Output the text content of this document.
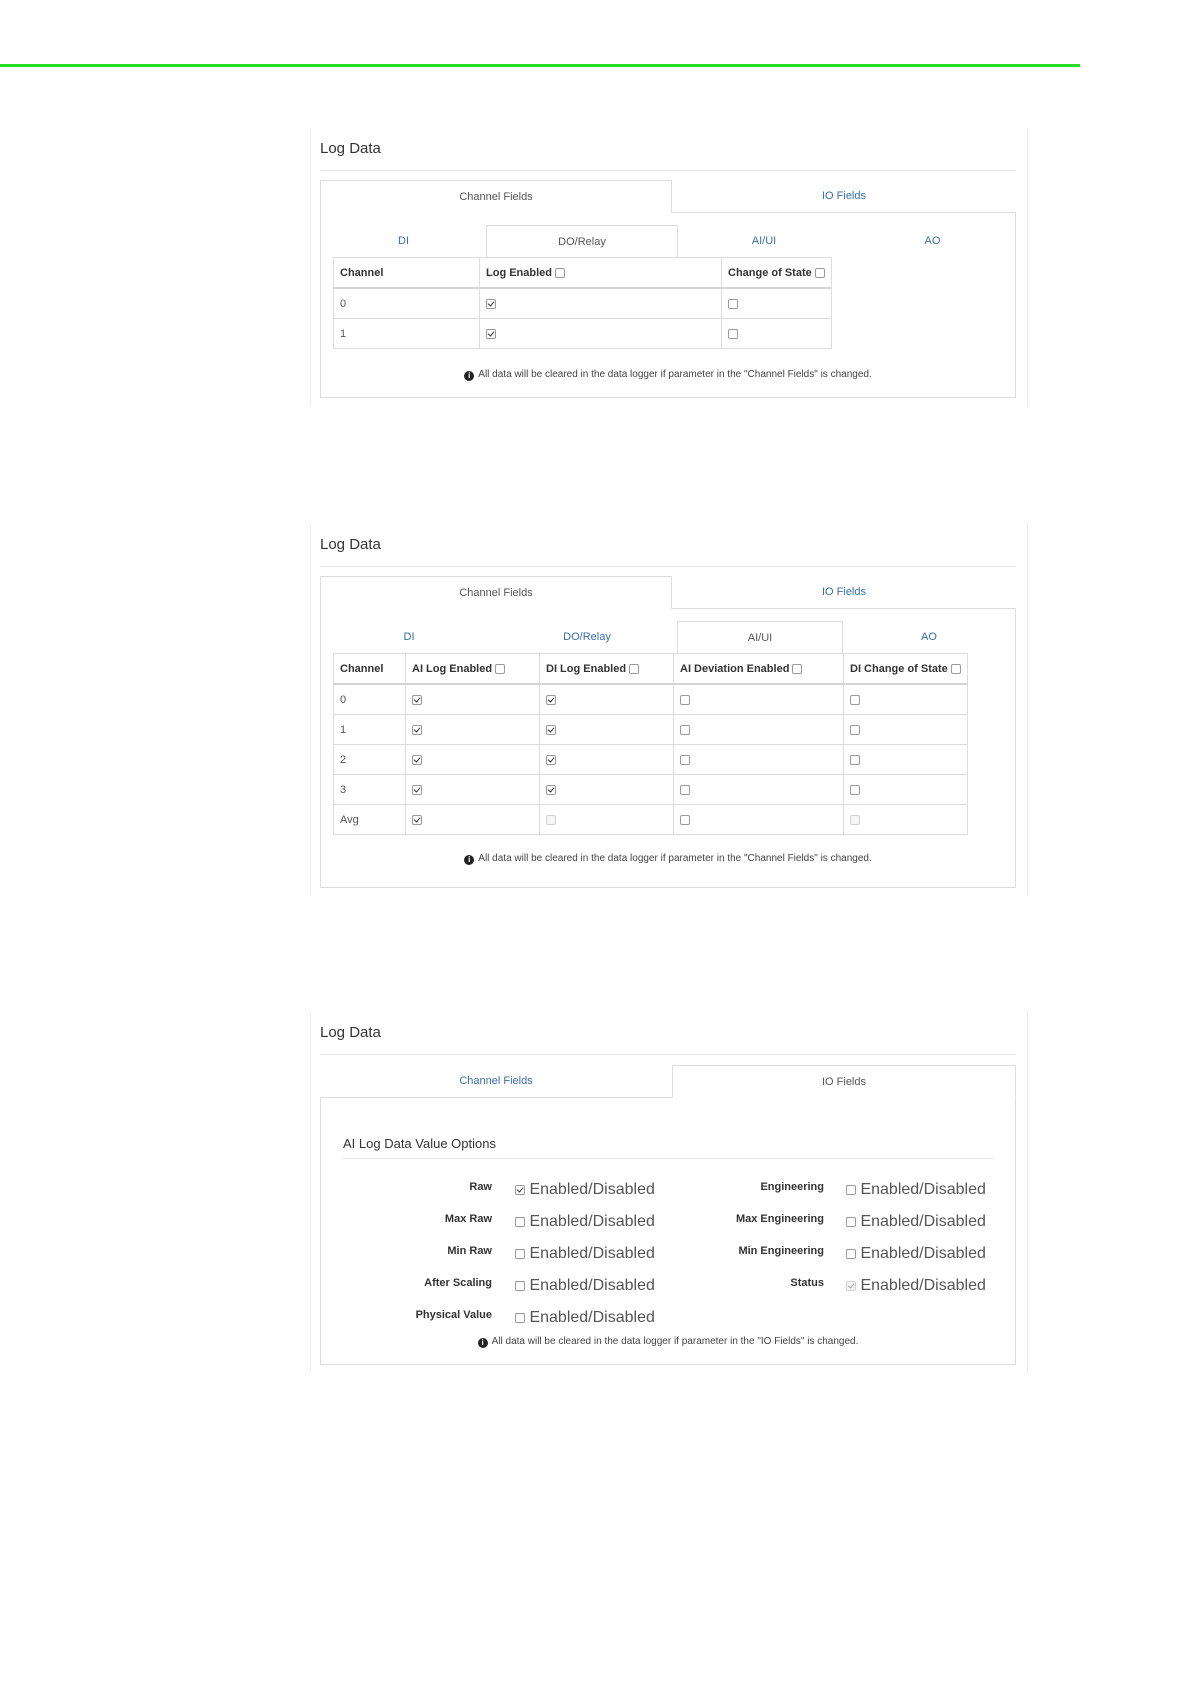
Log Data
Channel Fields	IO Fields
DI	DO/Relay	AI/UI	AO
Channel	Log Enabled	Change of State
0		
1		
i All data will be cleared in the data logger if parameter in the "Channel Fields" is changed.
Log Data
Channel Fields	IO Fields
DI	DO/Relay	AI/UI	AO
Channel	AI Log Enabled	DI Log Enabled	AI Deviation Enabled	DI Change of State
0				
1				
2				
3				
Avg				
i All data will be cleared in the data logger if parameter in the "Channel Fields" is changed.
Log Data
Channel Fields	IO Fields
AI Log Data Value Options
Raw	Enabled/Disabled
Max Raw	Enabled/Disabled
Min Raw	Enabled/Disabled
After Scaling	Enabled/Disabled
Physical Value	Enabled/Disabled
Engineering	Enabled/Disabled
Max Engineering	Enabled/Disabled
Min Engineering	Enabled/Disabled
Status	Enabled/Disabled
i All data will be cleared in the data logger if parameter in the "IO Fields" is changed.
